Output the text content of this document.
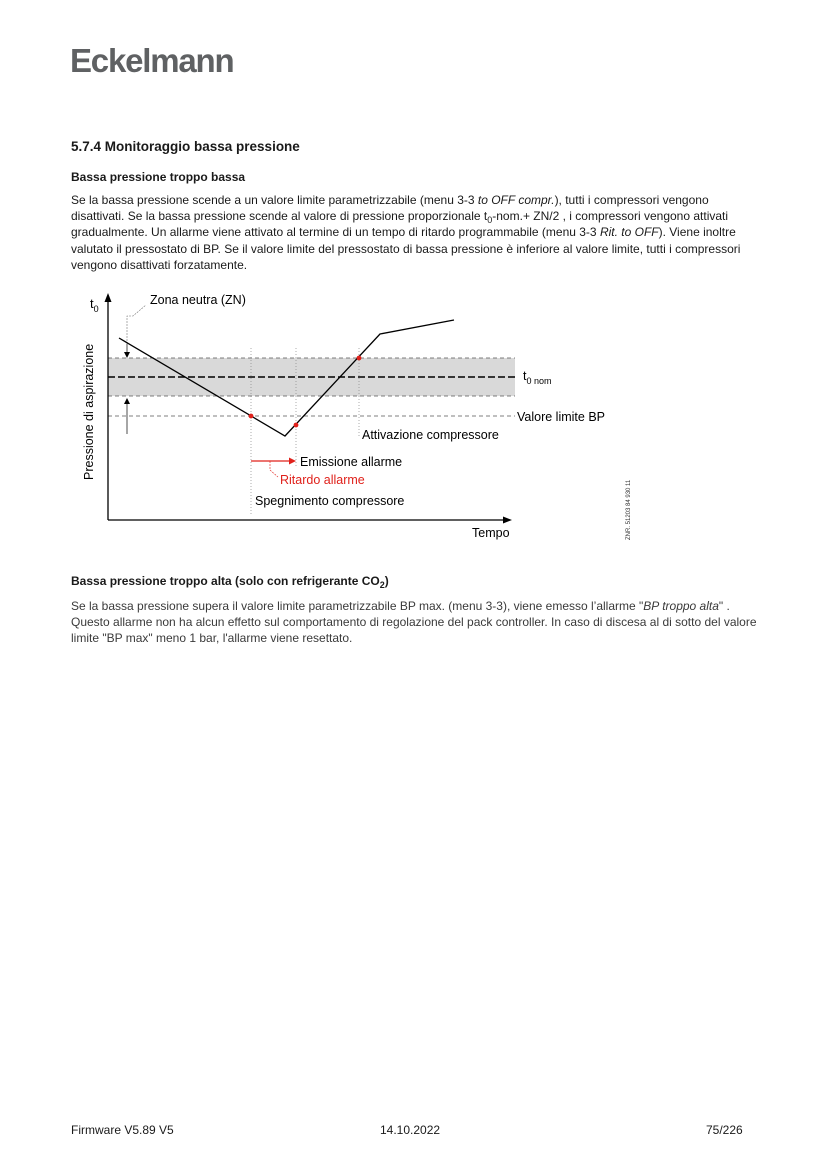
Eckelmann
5.7.4 Monitoraggio bassa pressione
Bassa pressione troppo bassa
Se la bassa pressione scende a un valore limite parametrizzabile (menu 3-3 to OFF compr.), tutti i compressori vengono disattivati. Se la bassa pressione scende al valore di pressione proporzionale $t_0-nom.+ ZN/2$ , i compressori vengono attivati gradualmente. Un allarme viene attivato al termine di un tempo di ritardo programmabile (menu 3-3 Rit. to OFF). Viene inoltre valutato il pressostato di BP. Se il valore limite del pressostato di bassa pressione è inferiore al valore limite, tutti i compressori vengono disattivati forzatamente.
$t_0$
Zona neutra (ZN)
Pressione di aspirazione	$t_{0 nom}$
Valore limite BP
Attivazione compressore
Emissione allarme
Ritardo allarme
Spegnimento compressore
Tempo	ZNR. 51203 84 930 11
Bassa pressione troppo alta (solo con refrigerante $CO_2$)
Se la bassa pressione supera il valore limite parametrizzabile BP max. (menu 3-3), viene emesso l’allarme "BP troppo alta" . Questo allarme non ha alcun effetto sul comportamento di regolazione del pack controller. In caso di discesa al di sotto del valore limite "BP max" meno 1 bar, l'allarme viene resettato.
Firmware V5.89 V5	14.10.2022	75/226
